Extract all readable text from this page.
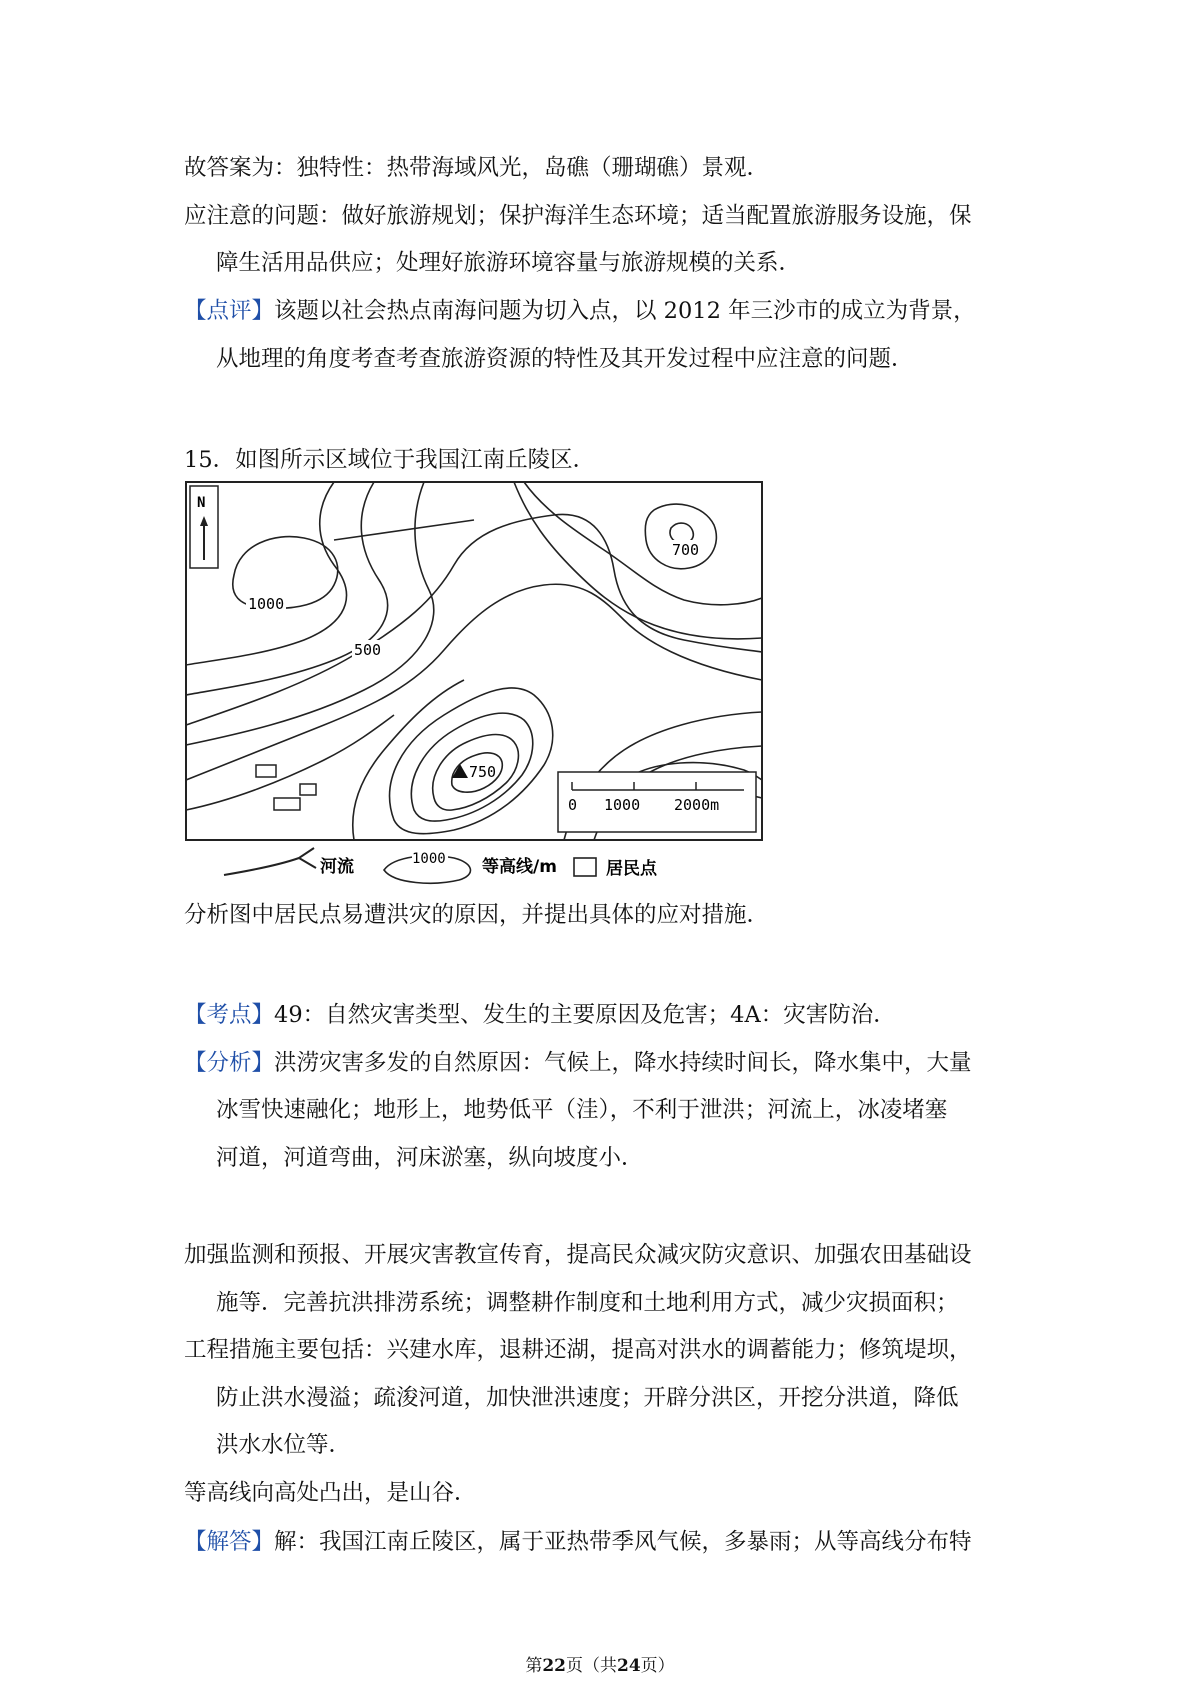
故答案为：独特性：热带海域风光，岛礁（珊瑚礁）景观．
应注意的问题：做好旅游规划；保护海洋生态环境；适当配置旅游服务设施，保
障生活用品供应；处理好旅游环境容量与旅游规模的关系．
【点评】该题以社会热点南海问题为切入点，以 2012 年三沙市的成立为背景，
从地理的角度考查考查旅游资源的特性及其开发过程中应注意的问题．
15．如图所示区域位于我国江南丘陵区．
N
1000
700
500
750
0 1000 2000m
河流	1000 等高线/m	居民点
分析图中居民点易遭洪灾的原因，并提出具体的应对措施．
【考点】49：自然灾害类型、发生的主要原因及危害；4A：灾害防治．
【分析】洪涝灾害多发的自然原因：气候上，降水持续时间长，降水集中，大量
冰雪快速融化；地形上，地势低平（洼），不利于泄洪；河流上，冰凌堵塞
河道，河道弯曲，河床淤塞，纵向坡度小．
加强监测和预报、开展灾害教宣传育，提高民众减灾防灾意识、加强农田基础设
施等．完善抗洪排涝系统；调整耕作制度和土地利用方式，减少灾损面积；
工程措施主要包括：兴建水库，退耕还湖，提高对洪水的调蓄能力；修筑堤坝，
防止洪水漫溢；疏浚河道，加快泄洪速度；开辟分洪区，开挖分洪道，降低
洪水水位等．
等高线向高处凸出，是山谷．
【解答】解：我国江南丘陵区，属于亚热带季风气候，多暴雨；从等高线分布特
第22页（共24页）
